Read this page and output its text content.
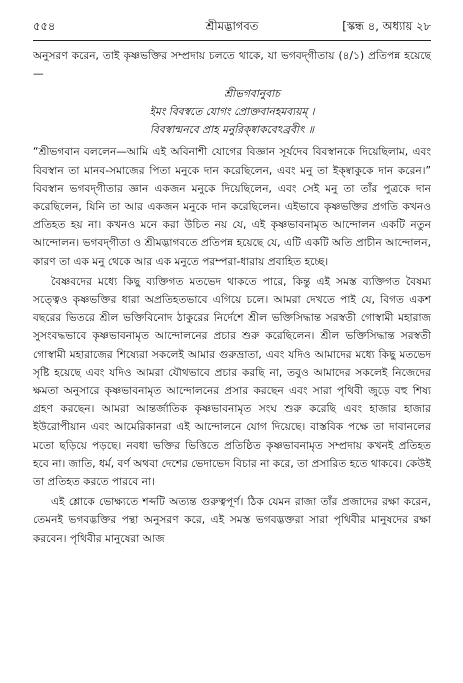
৫৫৪	শ্রীমদ্ভাগবত	[স্কন্ধ ৪, অধ্যায় ২৮

অনুসরণ করেন, তাই কৃষ্ণভক্তির সম্প্রদায় চলতে থাকে, যা ভগবদ্‌গীতায় (৪/১) প্রতিপন্ন হয়েছে—

শ্রীভগবানুবাচ
ইমং বিবস্বতে যোগং প্রোক্তবানহমব্যয়ম্ ।
বিবস্বান্মনবে প্রাহ মনুরিক্ষ্বাকবেঽব্রবীৎ ॥

“শ্রীভগবান বললেন—আমি এই অবিনাশী যোগের বিজ্ঞান সূর্যদেব বিবস্বানকে দিয়েছিলাম, এবং বিবস্বান তা মানব-সমাজের পিতা মনুকে দান করেছিলেন, এবং মনু তা ইক্ষ্বাকুকে দান করেন।” বিবস্বান ভগবদ্‌গীতার জ্ঞান একজন মনুকে দিয়েছিলেন, এবং সেই মনু তা তাঁর পুত্রকে দান করেছিলেন, যিনি তা আর একজন মনুকে দান করেছিলেন। এইভাবে কৃষ্ণভক্তির প্রগতি কখনও প্রতিহত হয় না। কখনও মনে করা উচিত নয় যে, এই কৃষ্ণভাবনামৃত আন্দোলন একটি নতুন আন্দোলন। ভগবদ্‌গীতা ও শ্রীমদ্ভাগবতে প্রতিপন্ন হয়েছে যে, এটি একটি অতি প্রাচীন আন্দোলন, কারণ তা এক মনু থেকে আর এক মনুতে পরম্পরা-ধারায় প্রবাহিত হচ্ছে।

বৈষ্ণবদের মধ্যে কিছু ব্যক্তিগত মতভেদ থাকতে পারে, কিন্তু এই সমস্ত ব্যক্তিগত বৈষম্য সত্ত্বেও কৃষ্ণভক্তির ধারা অপ্রতিহতভাবে এগিয়ে চলে। আমরা দেখতে পাই যে, বিগত একশ বছরের ভিতরে শ্রীল ভক্তিবিনোদ ঠাকুরের নির্দেশে শ্রীল ভক্তিসিদ্ধান্ত সরস্বতী গোস্বামী মহারাজ সুসংবদ্ধভাবে কৃষ্ণভাবনামৃত আন্দোলনের প্রচার শুরু করেছিলেন। শ্রীল ভক্তিসিদ্ধান্ত সরস্বতী গোস্বামী মহারাজের শিষ্যেরা সকলেই আমার গুরুভ্রাতা, এবং যদিও আমাদের মধ্যে কিছু মতভেদ সৃষ্টি হয়েছে এবং যদিও আমরা যৌথভাবে প্রচার করছি না, তবুও আমাদের সকলেই নিজেদের ক্ষমতা অনুসারে কৃষ্ণভাবনামৃত আন্দোলনের প্রসার করছেন এবং সারা পৃথিবী জুড়ে বহু শিষ্য গ্রহণ করছেন। আমরা আন্তর্জাতিক কৃষ্ণভাবনামৃত সংঘ শুরু করেছি এবং হাজার হাজার ইউরোপীয়ান এবং আমেরিকানরা এই আন্দোলনে যোগ দিয়েছে। বাস্তবিক পক্ষে তা দাবানলের মতো ছড়িয়ে পড়ছে। নবধা ভক্তির ভিত্তিতে প্রতিষ্ঠিত কৃষ্ণভাবনামৃত সম্প্রদায় কখনই প্রতিহত হবে না। জাতি, ধর্ম, বর্ণ অথবা দেশের ভেদাভেদ বিচার না করে, তা প্রসারিত হতে থাকবে। কেউই তা প্রতিহত করতে পারবে না।

এই শ্লোকে ভোক্ষ্যতে শব্দটি অত্যন্ত গুরুত্বপূর্ণ। ঠিক যেমন রাজা তাঁর প্রজাদের রক্ষা করেন, তেমনই ভগবদ্ভক্তির পন্থা অনুসরণ করে, এই সমস্ত ভগবদ্ভক্তরা সারা পৃথিবীর মানুষদের রক্ষা করবেন। পৃথিবীর মানুষেরা আজ
